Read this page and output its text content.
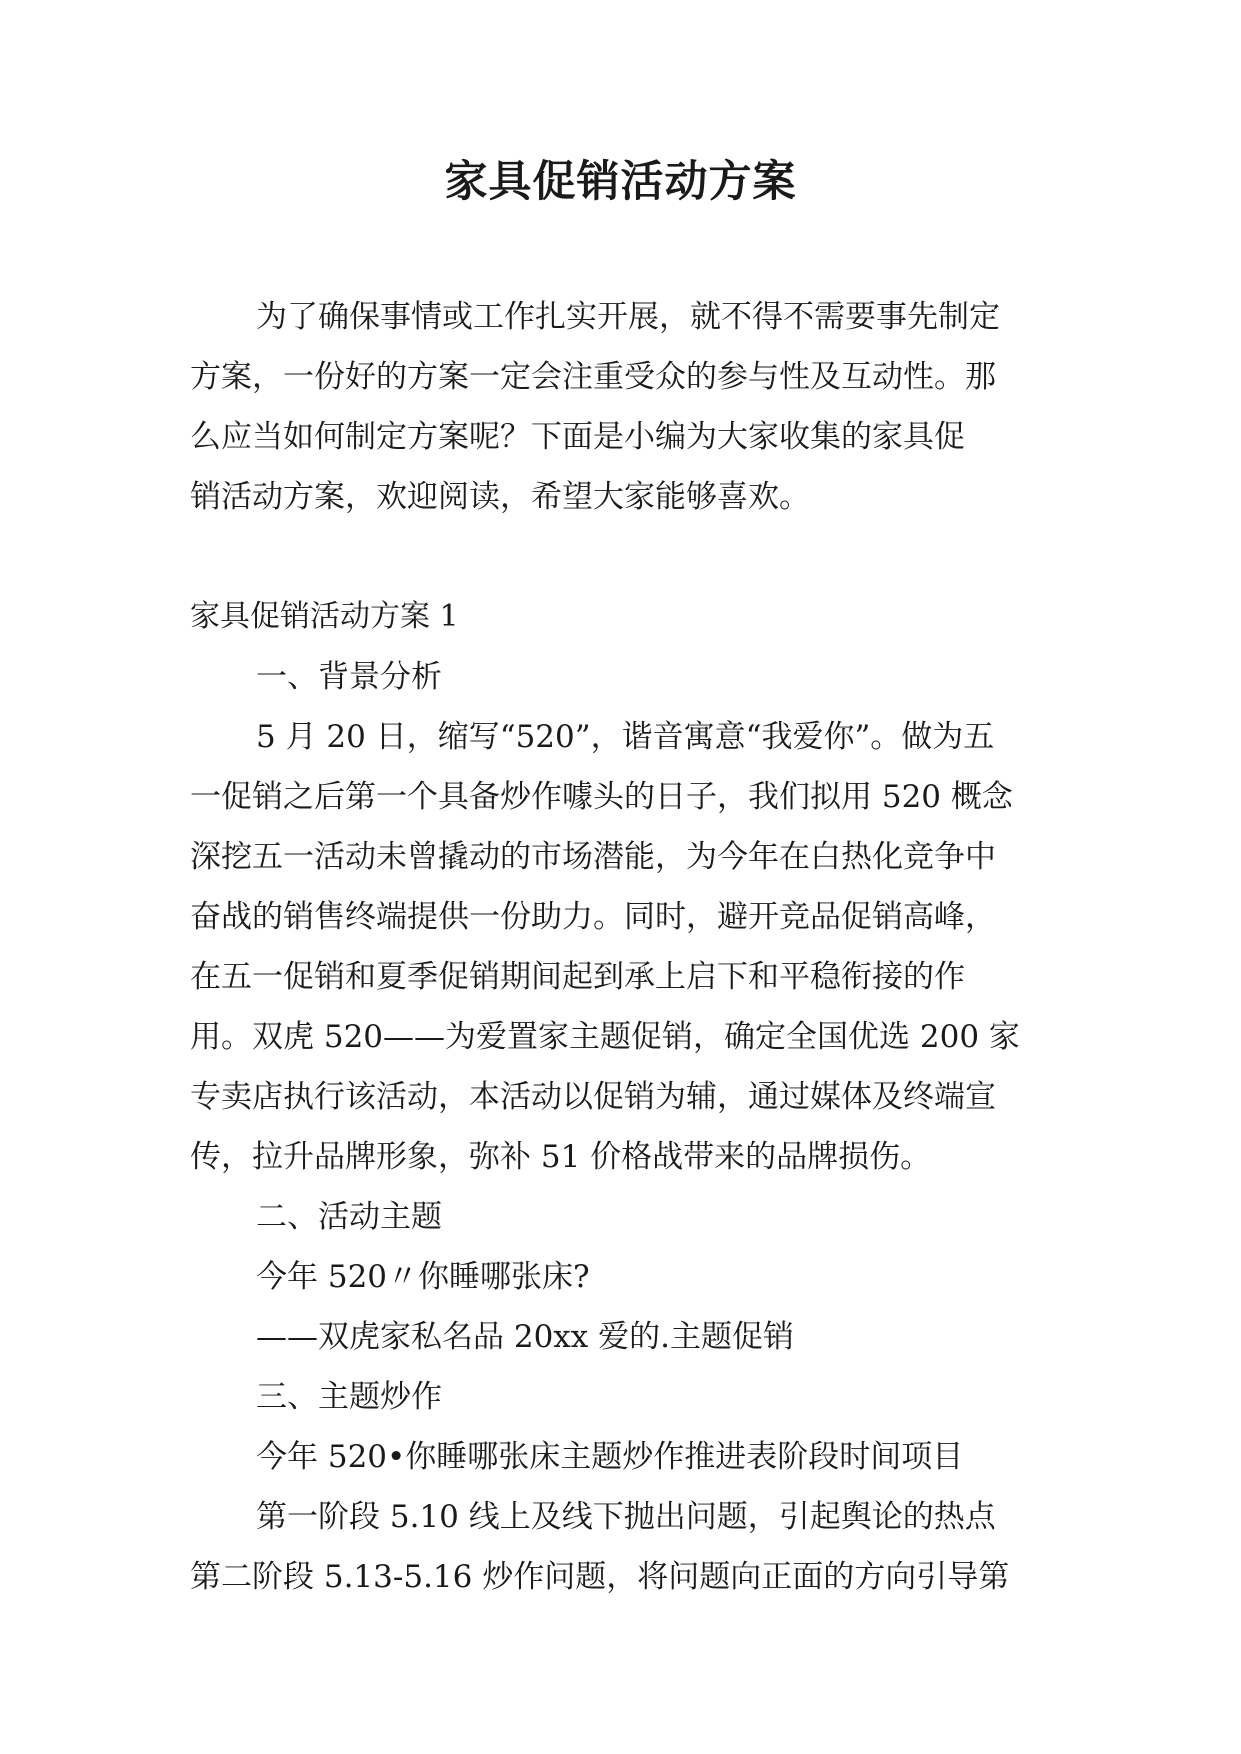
家具促销活动方案
为了确保事情或工作扎实开展，就不得不需要事先制定
方案，一份好的方案一定会注重受众的参与性及互动性。那
么应当如何制定方案呢？下面是小编为大家收集的家具促
销活动方案，欢迎阅读，希望大家能够喜欢。
家具促销活动方案 1
一、背景分析
5 月 20 日，缩写“520”，谐音寓意“我爱你”。做为五
一促销之后第一个具备炒作噱头的日子，我们拟用 520 概念
深挖五一活动未曾撬动的市场潜能，为今年在白热化竞争中
奋战的销售终端提供一份助力。同时，避开竞品促销高峰，
在五一促销和夏季促销期间起到承上启下和平稳衔接的作
用。双虎 520——为爱置家主题促销，确定全国优选 200 家
专卖店执行该活动，本活动以促销为辅，通过媒体及终端宣
传，拉升品牌形象，弥补 51 价格战带来的品牌损伤。
二、活动主题
今年 520〃你睡哪张床?
——双虎家私名品 20xx 爱的.主题促销
三、主题炒作
今年 520•你睡哪张床主题炒作推进表阶段时间项目
第一阶段 5.10 线上及线下抛出问题，引起舆论的热点
第二阶段 5.13-5.16 炒作问题，将问题向正面的方向引导第
